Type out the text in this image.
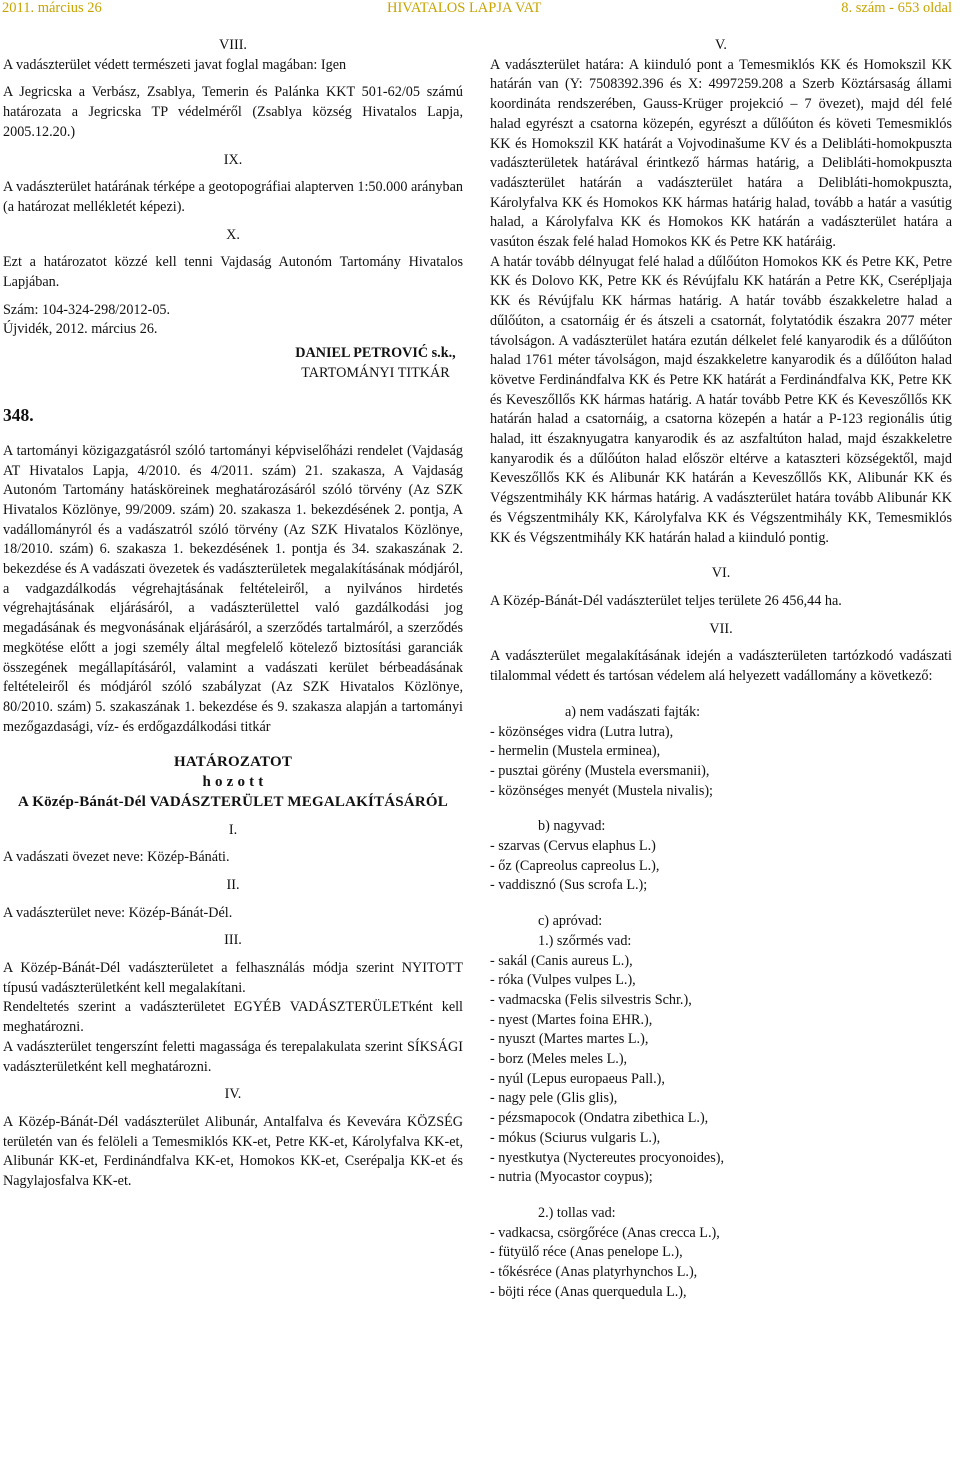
2011. március 26	HIVATALOS LAPJA VAT	8. szám - 653 oldal

VIII.

A vadászterület védett természeti javat foglal magában: Igen

A Jegricska a Verbász, Zsablya, Temerin és Palánka KKT 501-62/05 számú határozata a Jegricska TP védelméről (Zsablya község Hivatalos Lapja, 2005.12.20.)

IX.

A vadászterület határának térképe a geotopográfiai alapterven 1:50.000 arányban (a határozat mellékletét képezi).

X.

Ezt a határozatot közzé kell tenni Vajdaság Autonóm Tartomány Hivatalos Lapjában.

Szám: 104-324-298/2012-05.

Újvidék, 2012. március 26.

DANIEL PETROVIĆ s.k.,
TARTOMÁNYI TITKÁR

348.

A tartományi közigazgatásról szóló tartományi képviselőházi rendelet (Vajdaság AT Hivatalos Lapja, 4/2010. és 4/2011. szám) 21. szakasza, A Vajdaság Autonóm Tartomány hatásköreinek meghatározásáról szóló törvény (Az SZK Hivatalos Közlönye, 99/2009. szám) 20. szakasza 1. bekezdésének 2. pontja, A vadállományról és a vadászatról szóló törvény (Az SZK Hivatalos Közlönye, 18/2010. szám) 6. szakasza 1. bekezdésének 1. pontja és 34. szakaszának 2. bekezdése és A vadászati övezetek és vadászterületek megalakításának módjáról, a vadgazdálkodás végrehajtásának feltételeiről, a nyilvános hirdetés végrehajtásának eljárásáról, a vadászterülettel való gazdálkodási jog megadásának és megvonásának eljárásáról, a szerződés tartalmáról, a szerződés megkötése előtt a jogi személy által megfelelő kötelező biztosítási garanciák összegének megállapításáról, valamint a vadászati kerület bérbeadásának feltételeiről és módjáról szóló szabályzat (Az SZK Hivatalos Közlönye, 80/2010. szám) 5. szakaszának 1. bekezdése és 9. szakasza alapján a tartományi mezőgazdasági, víz- és erdőgazdálkodási titkár

HATÁROZATOT

h o z o t t

A Közép-Bánát-Dél VADÁSZTERÜLET MEGALAKÍTÁSÁRÓL

I.

A vadászati övezet neve: Közép-Bánáti.

II.

A vadászterület neve: Közép-Bánát-Dél.

III.

A Közép-Bánát-Dél vadászterületet a felhasználás módja szerint NYITOTT típusú vadászterületként kell megalakítani.

Rendeltetés szerint a vadászterületet EGYÉB VADÁSZTERÜLETként kell meghatározni.

A vadászterület tengerszínt feletti magassága és terepalakulata szerint SÍKSÁGI vadászterületként kell meghatározni.

IV.

A Közép-Bánát-Dél vadászterület Alibunár, Antalfalva és Kevevára KÖZSÉG területén van és felöleli a Temesmiklós KK-et, Petre KK-et, Károlyfalva KK-et, Alibunár KK-et, Ferdinándfalva KK-et, Homokos KK-et, Cserépalja KK-et és Nagylajosfalva KK-et.

V.

A vadászterület határa: A kiinduló pont a Temesmiklós KK és Homokszil KK határán van (Y: 7508392.396 és X: 4997259.208 a Szerb Köztársaság állami koordináta rendszerében, Gauss-Krüger projekció – 7 övezet), majd dél felé halad egyrészt a csatorna közepén, egyrészt a dűlőúton és követi Temesmiklós KK és Homokszil KK határát a Vojvodinašume KV és a Delibláti-homokpuszta vadászterületek határával érintkező hármas határig, a Delibláti-homokpuszta vadászterület határán a vadászterület határa a Delibláti-homokpuszta, Károlyfalva KK és Homokos KK hármas határig halad, tovább a határ a vasútig halad, a Károlyfalva KK és Homokos KK határán a vadászterület határa a vasúton észak felé halad Homokos KK és Petre KK határáig.

A határ tovább délnyugat felé halad a dűlőúton Homokos KK és Petre KK, Petre KK és Dolovo KK, Petre KK és Révújfalu KK határán a Petre KK, Cserépljaja KK és Révújfalu KK hármas határig. A határ tovább északkeletre halad a dűlőúton, a csatornáig ér és átszeli a csatornát, folytatódik északra 2077 méter távolságon. A vadászterület határa ezután délkelet felé kanyarodik és a dűlőúton halad 1761 méter távolságon, majd északkeletre kanyarodik és a dűlőúton halad követve Ferdinándfalva KK és Petre KK határát a Ferdinándfalva KK, Petre KK és Keveszőllős KK hármas határig. A határ tovább Petre KK és Keveszőllős KK határán halad a csatornáig, a csatorna közepén a határ a P-123 regionális útig halad, itt északnyugatra kanyarodik és az aszfaltúton halad, majd északkeletre kanyarodik és a dűlőúton halad először eltérve a kataszteri községektől, majd Keveszőllős KK és Alibunár KK határán a Keveszőllős KK, Alibunár KK és Végszentmihály KK hármas határig. A vadászterület határa tovább Alibunár KK és Végszentmihály KK, Károlyfalva KK és Végszentmihály KK, Temesmiklós KK és Végszentmihály KK határán halad a kiinduló pontig.

VI.

A Közép-Bánát-Dél vadászterület teljes területe 26 456,44 ha.

VII.

A vadászterület megalakításának idején a vadászterületen tartózkodó vadászati tilalommal védett és tartósan védelem alá helyezett vadállomány a következő:

a) nem vadászati fajták:

- közönséges vidra (Lutra lutra),
- hermelin (Mustela erminea),
- pusztai görény (Mustela eversmanii),
- közönséges menyét (Mustela nivalis);

b) nagyvad:

- szarvas (Cervus elaphus L.)
- őz (Capreolus capreolus L.),
- vaddisznó (Sus scrofa L.);

c) apróvad:

1.) szőrmés vad:

- sakál (Canis aureus L.),
- róka (Vulpes vulpes L.),
- vadmacska (Felis silvestris Schr.),
- nyest (Martes foina EHR.),
- nyuszt (Martes martes L.),
- borz (Meles meles L.),
- nyúl (Lepus europaeus Pall.),
- nagy pele (Glis glis),
- pézsmapocok (Ondatra zibethica L.),
- mókus (Sciurus vulgaris L.),
- nyestkutya (Nyctereutes procyonoides),
- nutria (Myocastor coypus);

2.) tollas vad:

- vadkacsa, csörgőréce (Anas crecca L.),
- fütyülő réce (Anas penelope L.),
- tőkésréce (Anas platyrhynchos L.),
- böjti réce (Anas querquedula L.),
